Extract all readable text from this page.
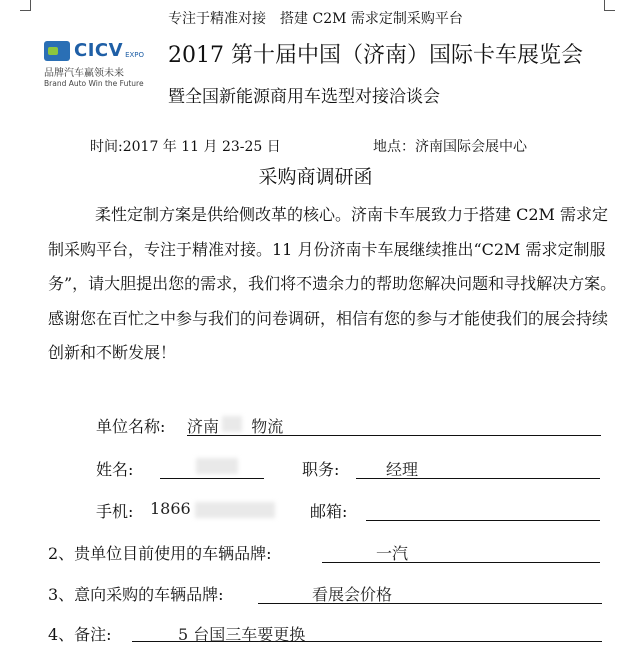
专注于精准对接　搭建 C2M 需求定制采购平台
CICV EXPO
品牌汽车赢领未来
Brand Auto Win the Future
2017 第十届中国（济南）国际卡车展览会
暨全国新能源商用车选型对接洽谈会
时间:2017 年 11 月 23-25 日	地点：济南国际会展中心
采购商调研函
柔性定制方案是供给侧改革的核心。济南卡车展致力于搭建 C2M 需求定制采购平台，专注于精准对接。11 月份济南卡车展继续推出“C2M 需求定制服务”，请大胆提出您的需求，我们将不遗余力的帮助您解决问题和寻找解决方案。感谢您在百忙之中参与我们的问卷调研，相信有您的参与才能使我们的展会持续创新和不断发展！
单位名称: 济南 物流
姓名:	职务:	经理
手机: 1866	邮箱:
2、贵单位目前使用的车辆品牌:	一汽
3、意向采购的车辆品牌:	看展会价格
4、备注:	5 台国三车要更换
